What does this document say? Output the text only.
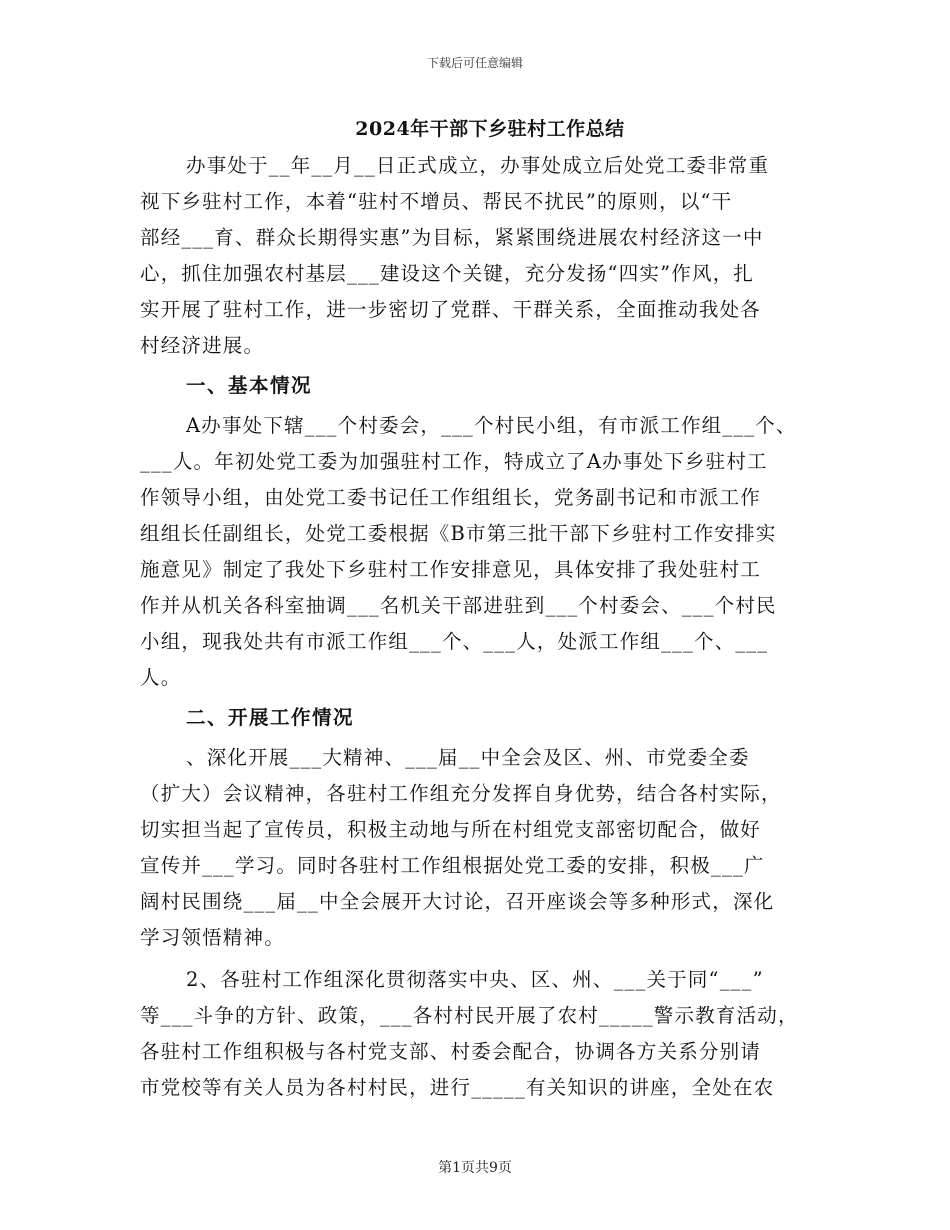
下载后可任意编辑
2024年干部下乡驻村工作总结
办事处于__年__月__日正式成立，办事处成立后处党工委非常重
视下乡驻村工作，本着“驻村不增员、帮民不扰民”的原则，以“干
部经___育、群众长期得实惠”为目标，紧紧围绕进展农村经济这一中
心，抓住加强农村基层___建设这个关键，充分发扬“四实”作风，扎
实开展了驻村工作，进一步密切了党群、干群关系，全面推动我处各
村经济进展。
一、基本情况
A办事处下辖___个村委会，___个村民小组，有市派工作组___个、
___人。年初处党工委为加强驻村工作，特成立了A办事处下乡驻村工
作领导小组，由处党工委书记任工作组组长，党务副书记和市派工作
组组长任副组长，处党工委根据《B市第三批干部下乡驻村工作安排实
施意见》制定了我处下乡驻村工作安排意见，具体安排了我处驻村工
作并从机关各科室抽调___名机关干部进驻到___个村委会、___个村民
小组，现我处共有市派工作组___个、___人，处派工作组___个、___
人。
二、开展工作情况
、深化开展___大精神、___届__中全会及区、州、市党委全委
（扩大）会议精神，各驻村工作组充分发挥自身优势，结合各村实际，
切实担当起了宣传员，积极主动地与所在村组党支部密切配合，做好
宣传并___学习。同时各驻村工作组根据处党工委的安排，积极___广
阔村民围绕___届__中全会展开大讨论，召开座谈会等多种形式，深化
学习领悟精神。
2、各驻村工作组深化贯彻落实中央、区、州、___关于同“___”
等___斗争的方针、政策，___各村村民开展了农村_____警示教育活动，
各驻村工作组积极与各村党支部、村委会配合，协调各方关系分别请
市党校等有关人员为各村村民，进行_____有关知识的讲座，全处在农
第1页共9页
